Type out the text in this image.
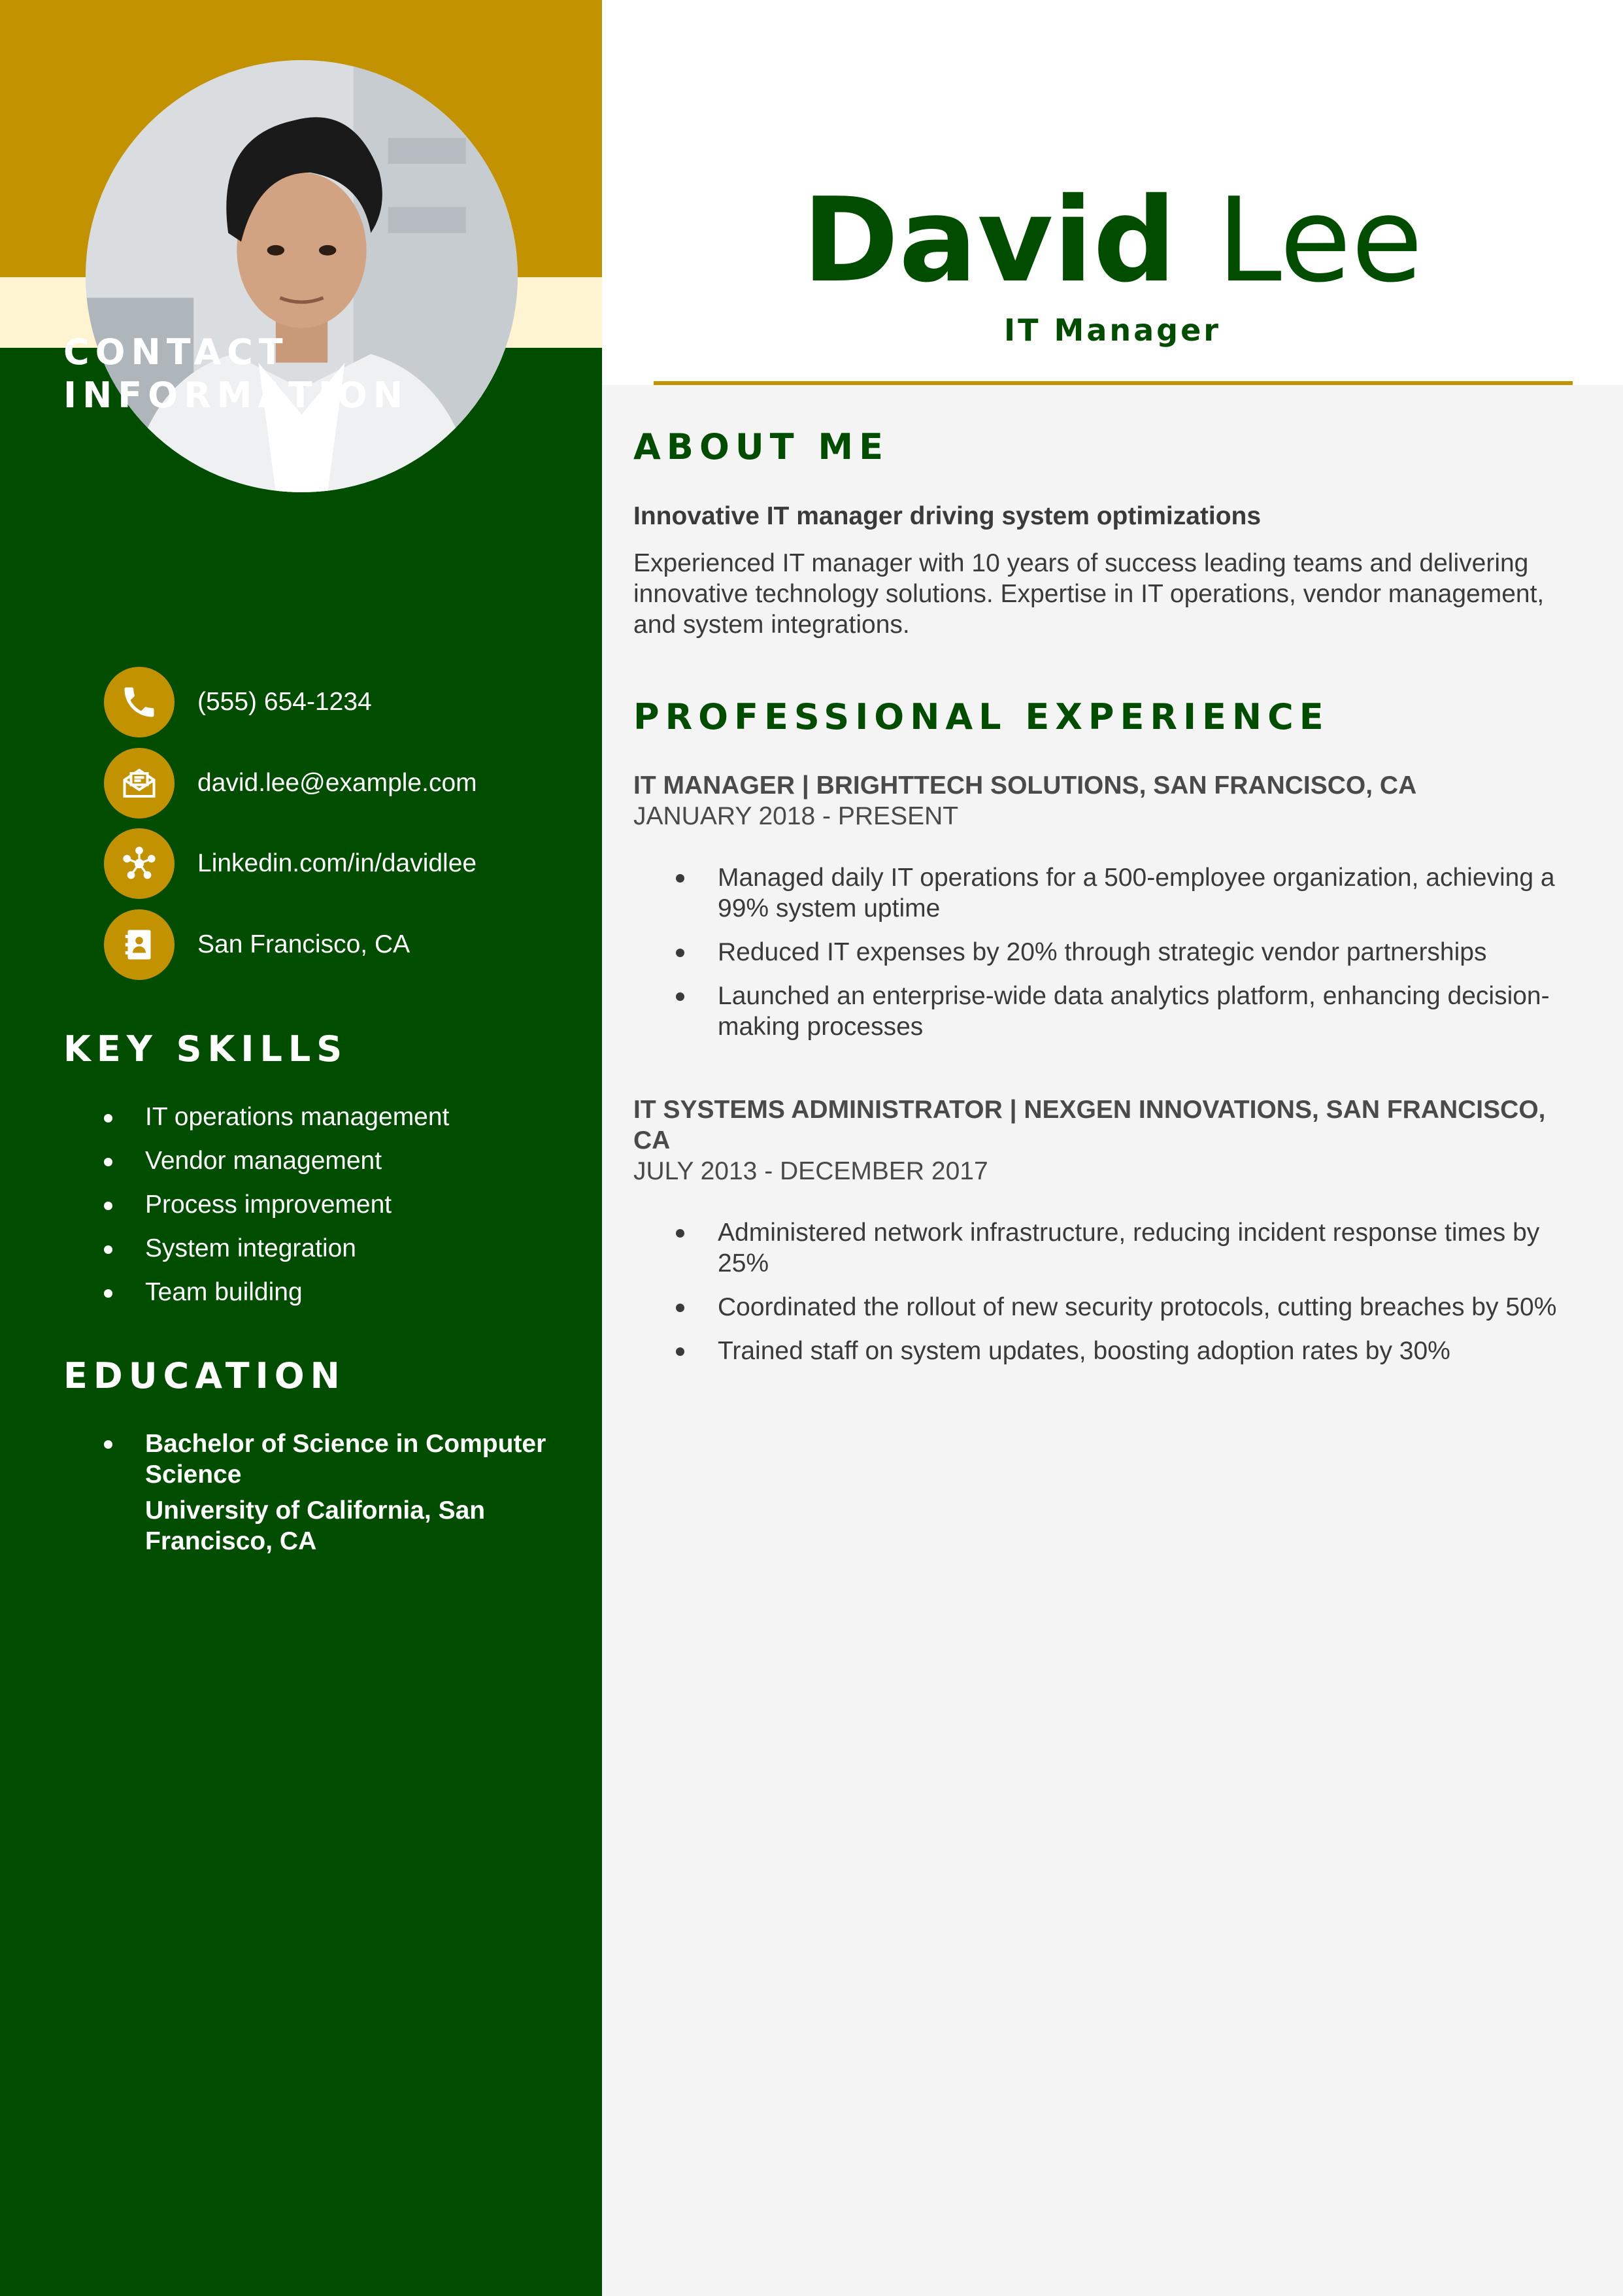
CONTACT
INFORMATION
(555) 654-1234
david.lee@example.com
Linkedin.com/in/davidlee
San Francisco, CA
KEY SKILLS
IT operations management
Vendor management
Process improvement
System integration
Team building
EDUCATION
Bachelor of Science in Computer Science
University of California, San Francisco, CA
David Lee

IT Manager

ABOUT ME

Innovative IT manager driving system optimizations

Experienced IT manager with 10 years of success leading teams and delivering innovative technology solutions. Expertise in IT operations, vendor management, and system integrations.

PROFESSIONAL EXPERIENCE

IT MANAGER | BRIGHTTECH SOLUTIONS, SAN FRANCISCO, CA

JANUARY 2018 - PRESENT

Managed daily IT operations for a 500-employee organization, achieving a 99% system uptime
Reduced IT expenses by 20% through strategic vendor partnerships
Launched an enterprise-wide data analytics platform, enhancing decision-making processes

IT SYSTEMS ADMINISTRATOR | NEXGEN INNOVATIONS, SAN FRANCISCO, CA

JULY 2013 - DECEMBER 2017

Administered network infrastructure, reducing incident response times by 25%
Coordinated the rollout of new security protocols, cutting breaches by 50%
Trained staff on system updates, boosting adoption rates by 30%
